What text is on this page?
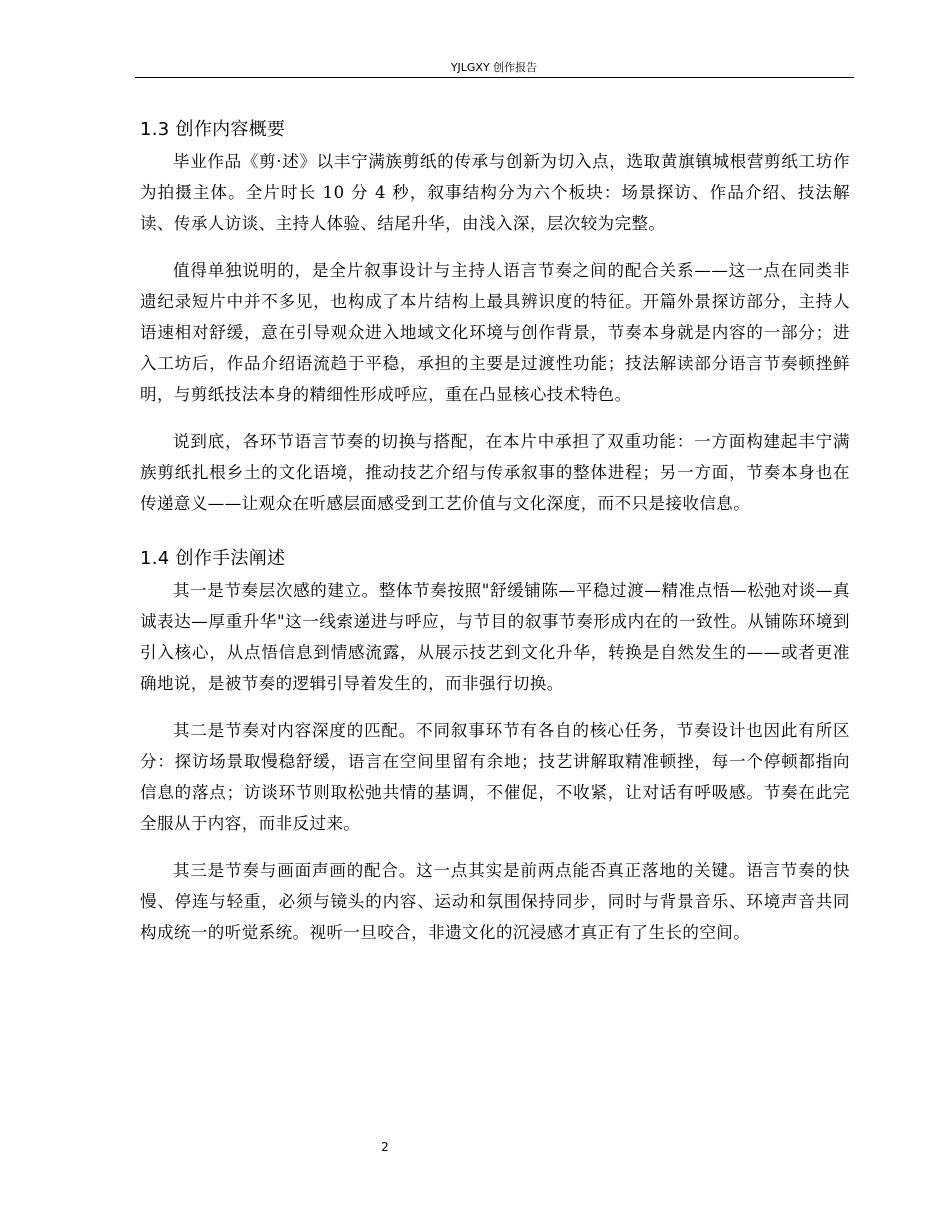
YJLGXY 创作报告
1.3 创作内容概要

毕业作品《剪·述》以丰宁满族剪纸的传承与创新为切入点，选取黄旗镇城根营剪纸工坊作为拍摄主体。全片时长 10 分 4 秒，叙事结构分为六个板块：场景探访、作品介绍、技法解读、传承人访谈、主持人体验、结尾升华，由浅入深，层次较为完整。

值得单独说明的，是全片叙事设计与主持人语言节奏之间的配合关系——这一点在同类非遗纪录短片中并不多见，也构成了本片结构上最具辨识度的特征。开篇外景探访部分，主持人语速相对舒缓，意在引导观众进入地域文化环境与创作背景，节奏本身就是内容的一部分；进入工坊后，作品介绍语流趋于平稳，承担的主要是过渡性功能；技法解读部分语言节奏顿挫鲜明，与剪纸技法本身的精细性形成呼应，重在凸显核心技术特色。

说到底，各环节语言节奏的切换与搭配，在本片中承担了双重功能：一方面构建起丰宁满族剪纸扎根乡土的文化语境，推动技艺介绍与传承叙事的整体进程；另一方面，节奏本身也在传递意义——让观众在听感层面感受到工艺价值与文化深度，而不只是接收信息。

1.4 创作手法阐述

其一是节奏层次感的建立。整体节奏按照"舒缓铺陈—平稳过渡—精准点悟—松弛对谈—真诚表达—厚重升华"这一线索递进与呼应，与节目的叙事节奏形成内在的一致性。从铺陈环境到引入核心，从点悟信息到情感流露，从展示技艺到文化升华，转换是自然发生的——或者更准确地说，是被节奏的逻辑引导着发生的，而非强行切换。

其二是节奏对内容深度的匹配。不同叙事环节有各自的核心任务，节奏设计也因此有所区分：探访场景取慢稳舒缓，语言在空间里留有余地；技艺讲解取精准顿挫，每一个停顿都指向信息的落点；访谈环节则取松弛共情的基调，不催促，不收紧，让对话有呼吸感。节奏在此完全服从于内容，而非反过来。

其三是节奏与画面声画的配合。这一点其实是前两点能否真正落地的关键。语言节奏的快慢、停连与轻重，必须与镜头的内容、运动和氛围保持同步，同时与背景音乐、环境声音共同构成统一的听觉系统。视听一旦咬合，非遗文化的沉浸感才真正有了生长的空间。

2
